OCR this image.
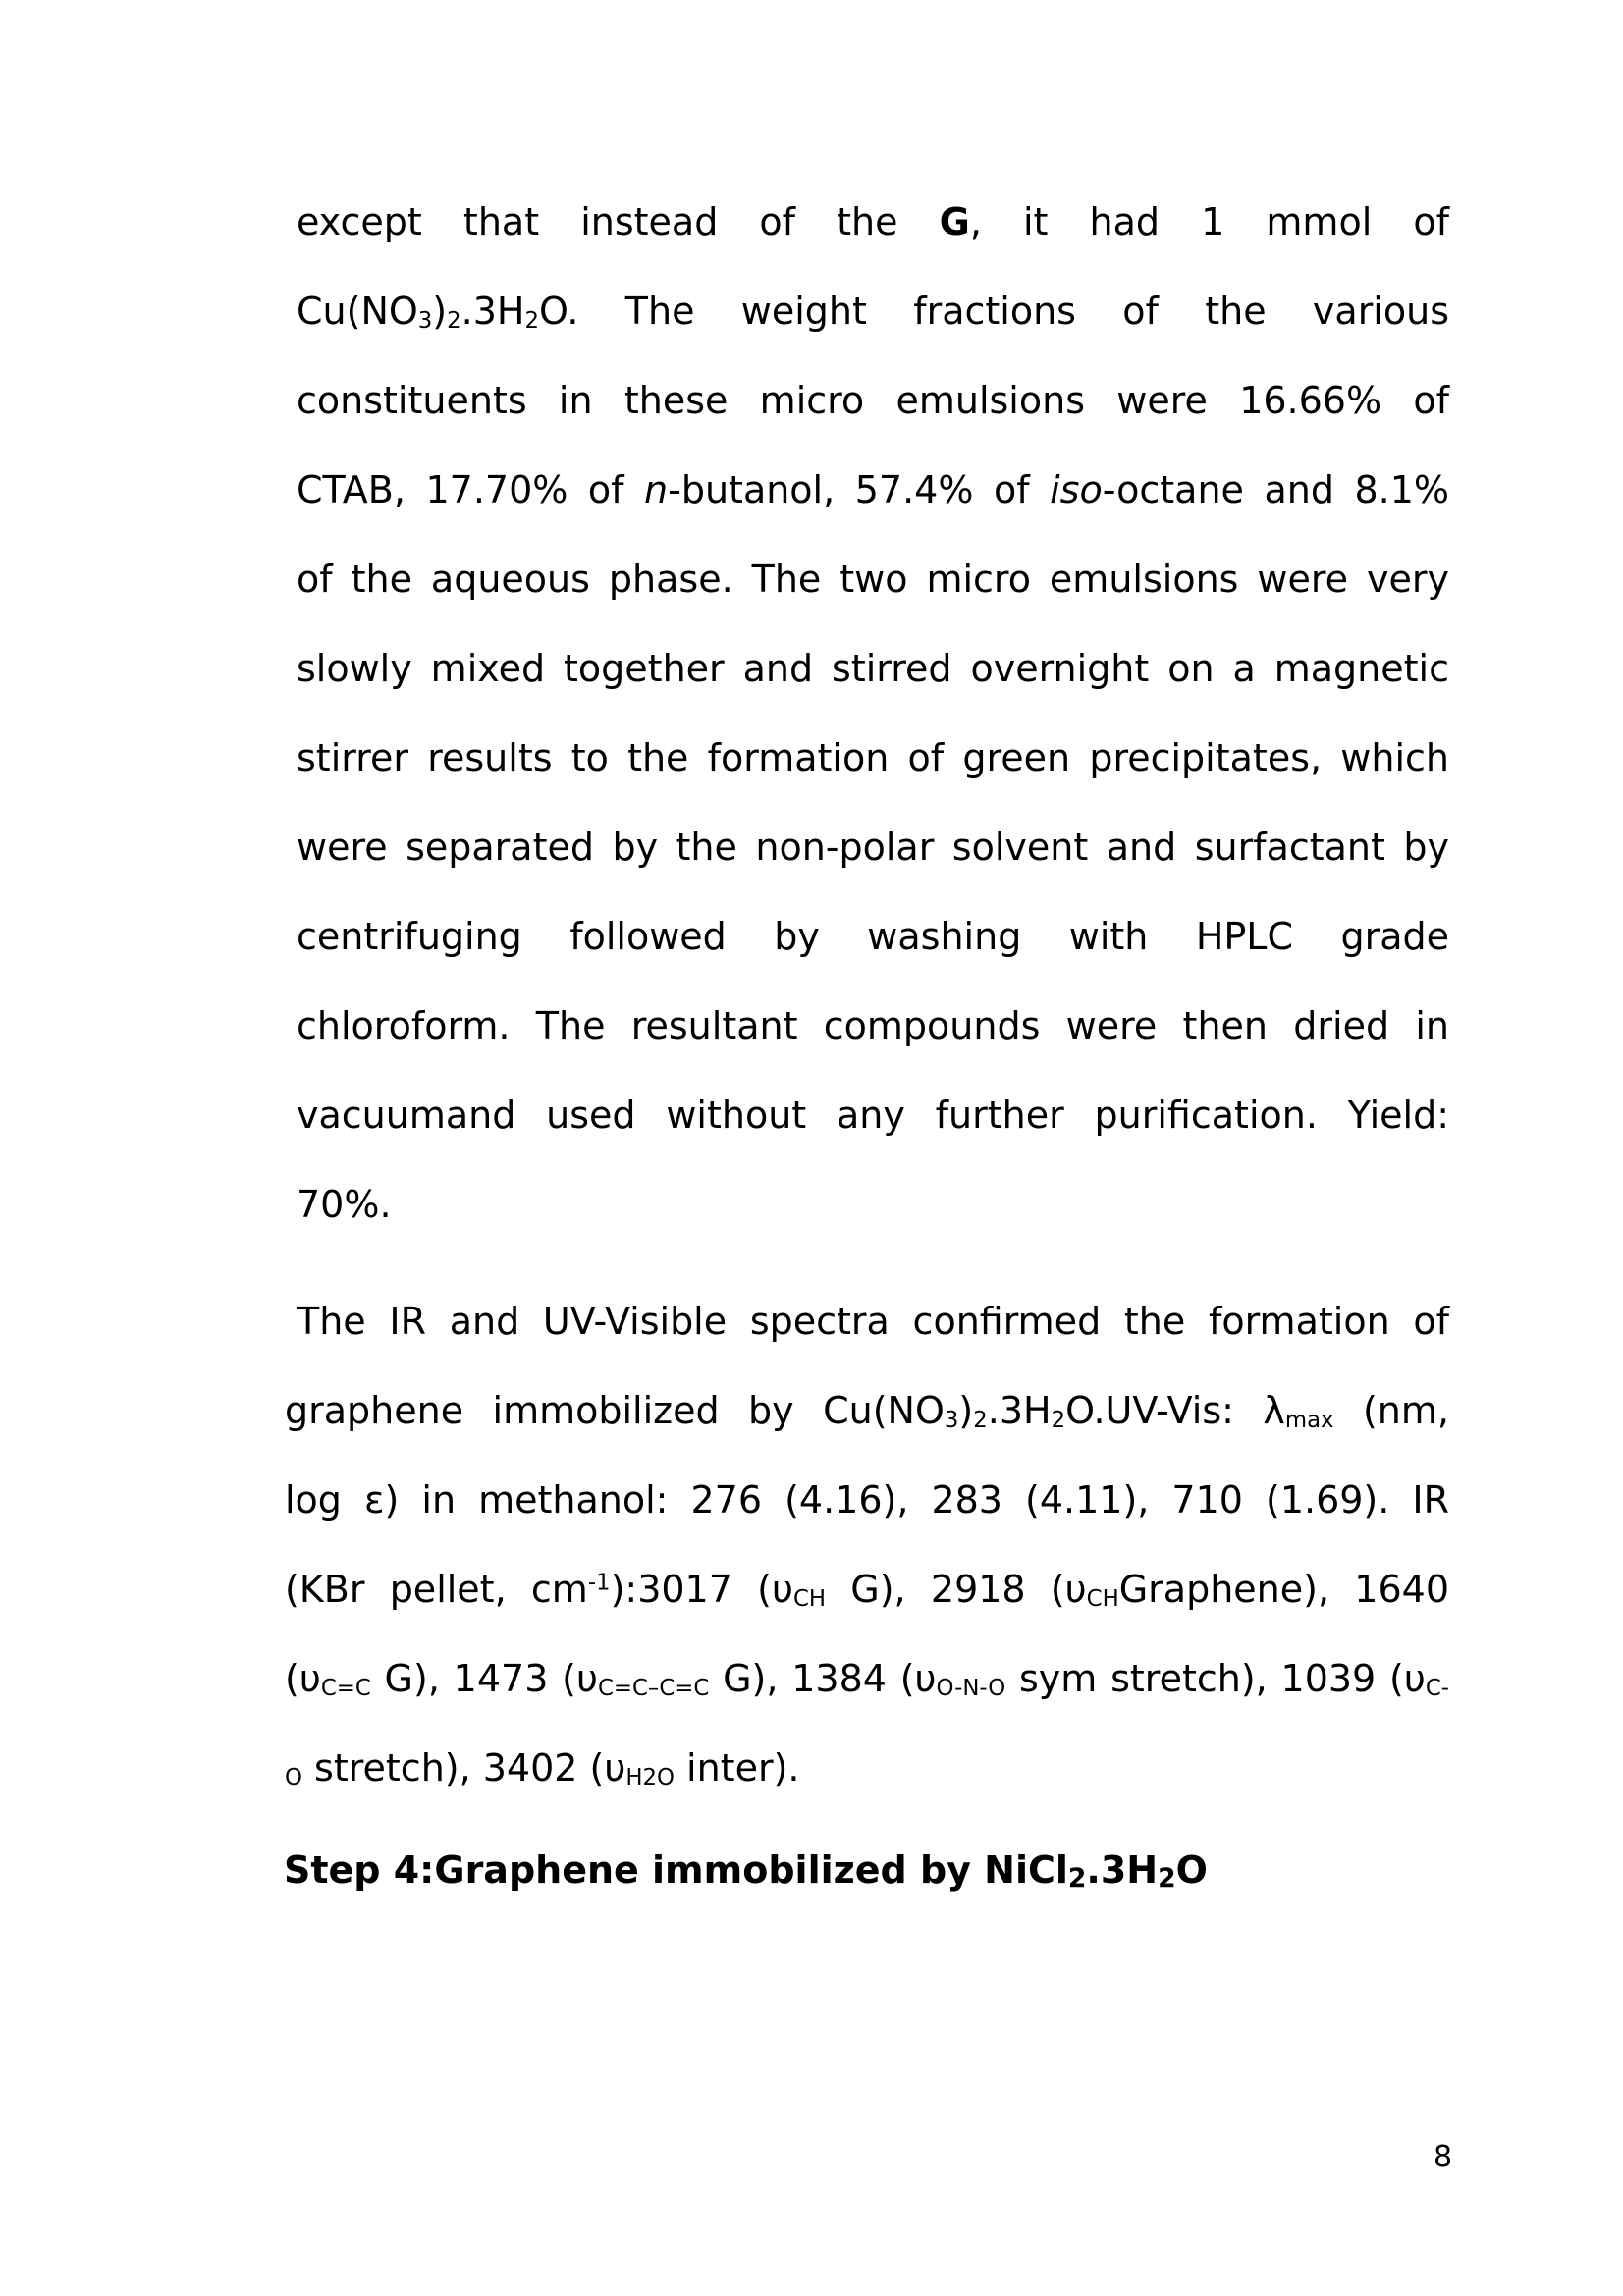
except that instead of the G, it had 1 mmol of
$Cu(NO_3)_2.3H_2O$. The weight fractions of the various
constituents in these micro emulsions were 16.66% of
CTAB, 17.70% of n-butanol, 57.4% of iso-octane and 8.1%
of the aqueous phase. The two micro emulsions were very
slowly mixed together and stirred overnight on a magnetic
stirrer results to the formation of green precipitates, which
were separated by the non-polar solvent and surfactant by
centrifuging followed by washing with HPLC grade
chloroform. The resultant compounds were then dried in
vacuumand used without any further purification. Yield:
70%.
The IR and UV-Visible spectra confirmed the formation of
graphene immobilized by $Cu(NO_3)_2.3H_2O.UV$-Vis: $\lambda_{max}$ (nm,
log ε) in methanol: 276 (4.16), 283 (4.11), 710 (1.69). IR
(KBr pellet, $cm^{-1}):3017$ ($\upsilon_{CH}$ G), 2918 $(\upsilon_{CH}Graphene)$, 1640
($\upsilon_{C=C}$ G), 1473 ($\upsilon_{C=C-C=C}$ G), 1384 ($\upsilon_{O-N-O}$ sym stretch), 1039 ($\upsilon_{C-}$
$_O$ stretch), 3402 ($\upsilon_{H2O}$ inter).
Step 4:Graphene immobilized by $NiCl_2.3H_2O$
8
